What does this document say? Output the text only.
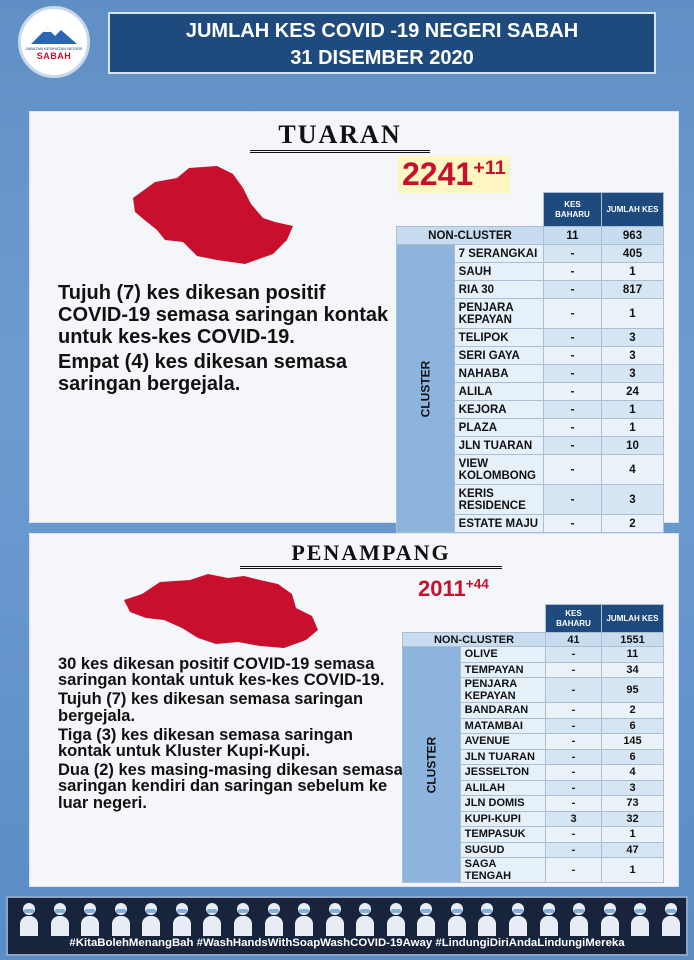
JABATAN KESIHATAN NEGERI
SABAH
JUMLAH KES COVID -19 NEGERI SABAH
31 DISEMBER 2020
TUARAN

Tujuh (7) kes dikesan positif COVID-19 semasa saringan kontak untuk kes-kes COVID-19.

Empat (4) kes dikesan semasa saringan bergejala.

$2241^{+11}$
		KES BAHARU	JUMLAH KES
NON-CLUSTER		11	963
CLUSTER	7 SERANGKAI	-	405
	SAUH	-	1
	RIA 30	-	817
	PENJARA KEPAYAN	-	1
	TELIPOK	-	3
	SERI GAYA	-	3
	NAHABA	-	3
	ALILA	-	24
	KEJORA	-	1
	PLAZA	-	1
	JLN TUARAN	-	10
	VIEW KOLOMBONG	-	4
	KERIS RESIDENCE	-	3
	ESTATE MAJU	-	2
PENAMPANG

30 kes dikesan positif COVID-19 semasa saringan kontak untuk kes-kes COVID-19.

Tujuh (7) kes dikesan semasa saringan bergejala.

Tiga (3) kes dikesan semasa saringan kontak untuk Kluster Kupi-Kupi.

Dua (2) kes masing-masing dikesan semasa saringan kendiri dan saringan sebelum ke luar negeri.

$2011^{+44}$
		KES BAHARU	JUMLAH KES
NON-CLUSTER		41	1551
CLUSTER	OLIVE	-	11
	TEMPAYAN	-	34
	PENJARA KEPAYAN	-	95
	BANDARAN	-	2
	MATAMBAI	-	6
	AVENUE	-	145
	JLN TUARAN	-	6
	JESSELTON	-	4
	ALILAH	-	3
	JLN DOMIS	-	73
	KUPI-KUPI	3	32
	TEMPASUK	-	1
	SUGUD	-	47
	SAGA TENGAH	-	1
#KitaBolehMenangBah #WashHandsWithSoapWashCOVID-19Away #LindungiDiriAndaLindungiMereka
